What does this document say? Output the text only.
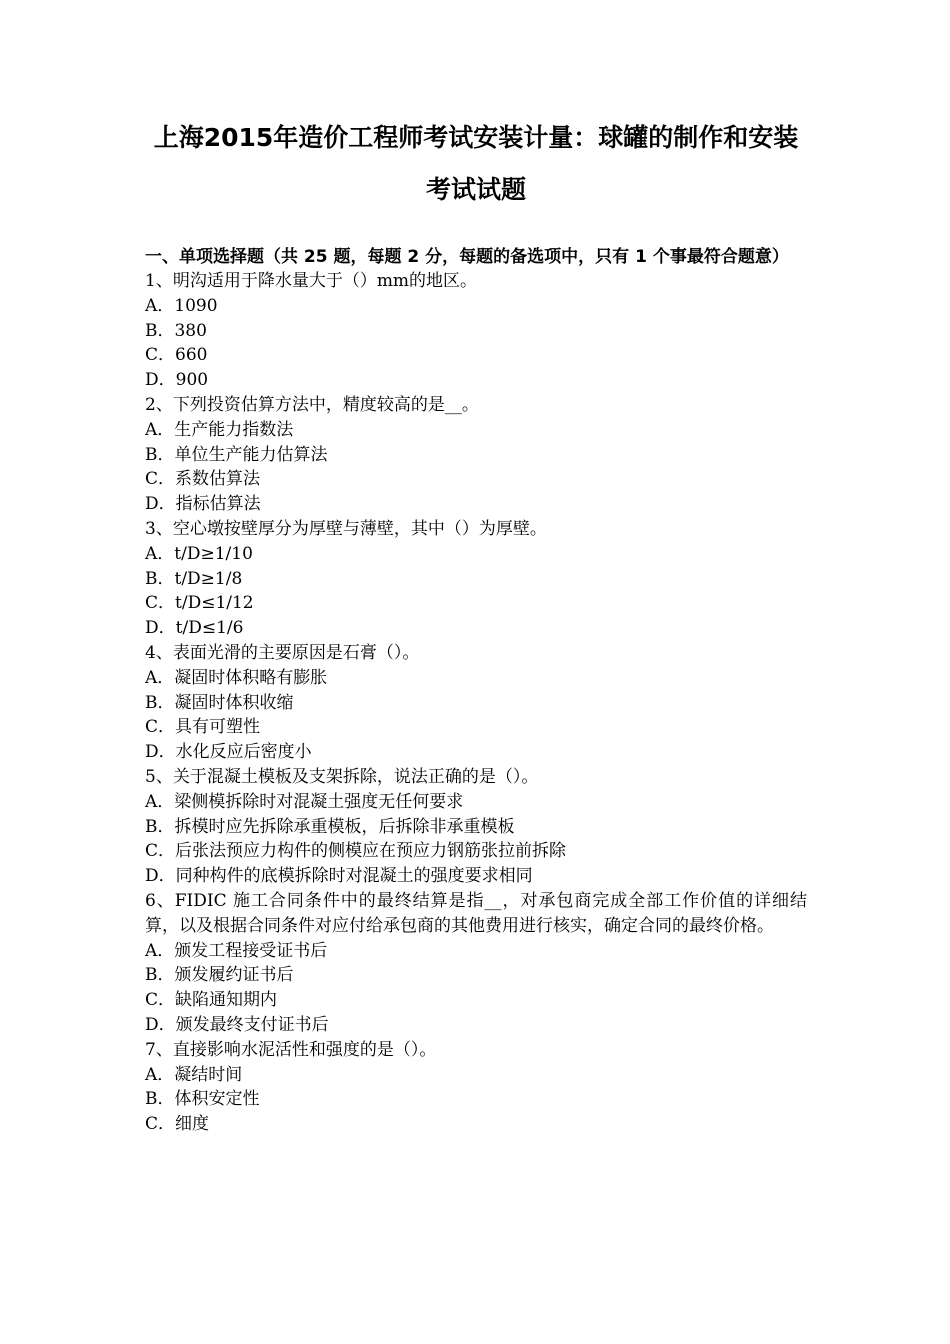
上海2015年造价工程师考试安装计量：球罐的制作和安装
考试试题
一、单项选择题（共 25 题，每题 2 分，每题的备选项中，只有 1 个事最符合题意）
1、明沟适用于降水量大于（）mm的地区。
A．1090
B．380
C．660
D．900
2、下列投资估算方法中，精度较高的是__。
A．生产能力指数法
B．单位生产能力估算法
C．系数估算法
D．指标估算法
3、空心墩按壁厚分为厚壁与薄壁，其中（）为厚壁。
A．t/D≥1/10
B．t/D≥1/8
C．t/D≤1/12
D．t/D≤1/6
4、表面光滑的主要原因是石膏（）。
A．凝固时体积略有膨胀
B．凝固时体积收缩
C．具有可塑性
D．水化反应后密度小
5、关于混凝土模板及支架拆除，说法正确的是（）。
A．梁侧模拆除时对混凝土强度无任何要求
B．拆模时应先拆除承重模板，后拆除非承重模板
C．后张法预应力构件的侧模应在预应力钢筋张拉前拆除
D．同种构件的底模拆除时对混凝土的强度要求相同
6、FIDIC 施工合同条件中的最终结算是指__，对承包商完成全部工作价值的详细结算，以及根据合同条件对应付给承包商的其他费用进行核实，确定合同的最终价格。
A．颁发工程接受证书后
B．颁发履约证书后
C．缺陷通知期内
D．颁发最终支付证书后
7、直接影响水泥活性和强度的是（）。
A．凝结时间
B．体积安定性
C．细度
